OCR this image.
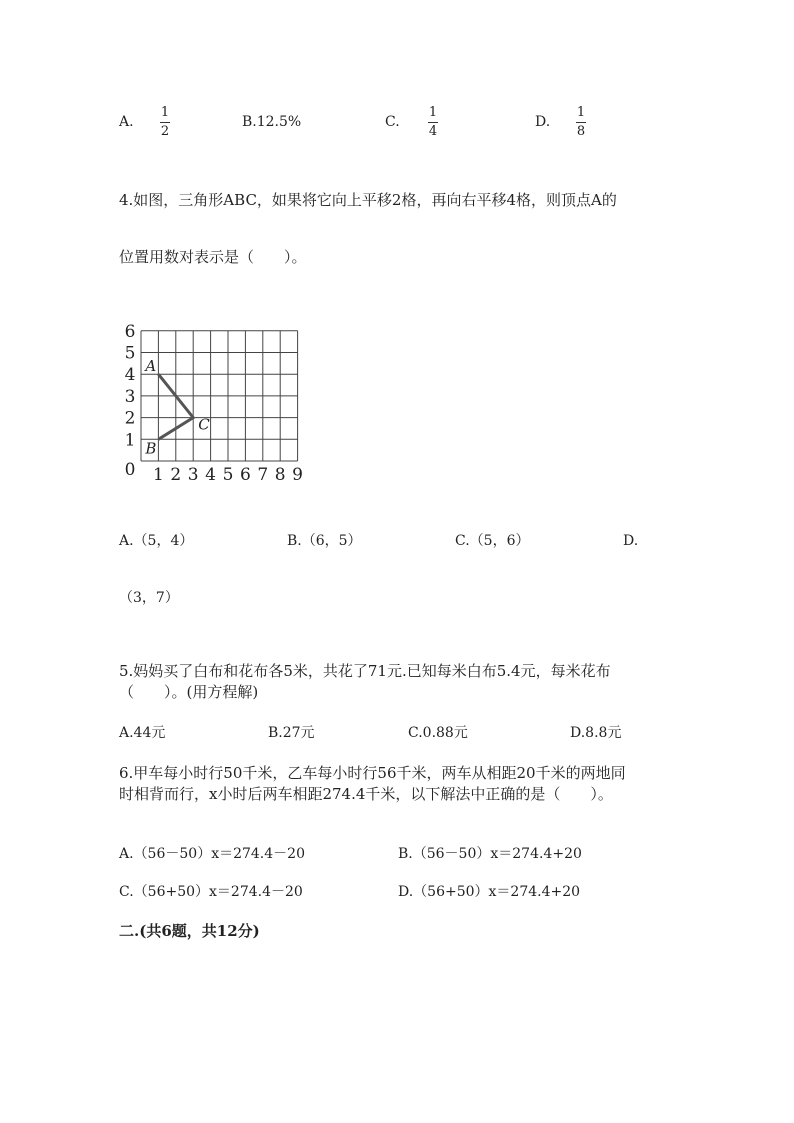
A.
1
2
B.12.5%	C.
1
4
D.
1
8
4.如图，三角形ABC，如果将它向上平移2格，再向右平移4格，则顶点A的
位置用数对表示是（　　）。
1 2 3 4 5 6 7 8 9
0
1
2
3
4
5
6
A
B
C
A.（5，4）	B.（6，5）	C.（5，6）	D.
（3，7）
5.妈妈买了白布和花布各5米，共花了71元.已知每米白布5.4元，每米花布
（　　）。(用方程解)
A.44元	B.27元	C.0.88元	D.8.8元
6.甲车每小时行50千米，乙车每小时行56千米，两车从相距20千米的两地同
时相背而行，x小时后两车相距274.4千米，以下解法中正确的是（　　）。
A.（56－50）x＝274.4－20	B.（56－50）x＝274.4+20
C.（56+50）x＝274.4－20	D.（56+50）x＝274.4+20
二.(共6题，共12分)
